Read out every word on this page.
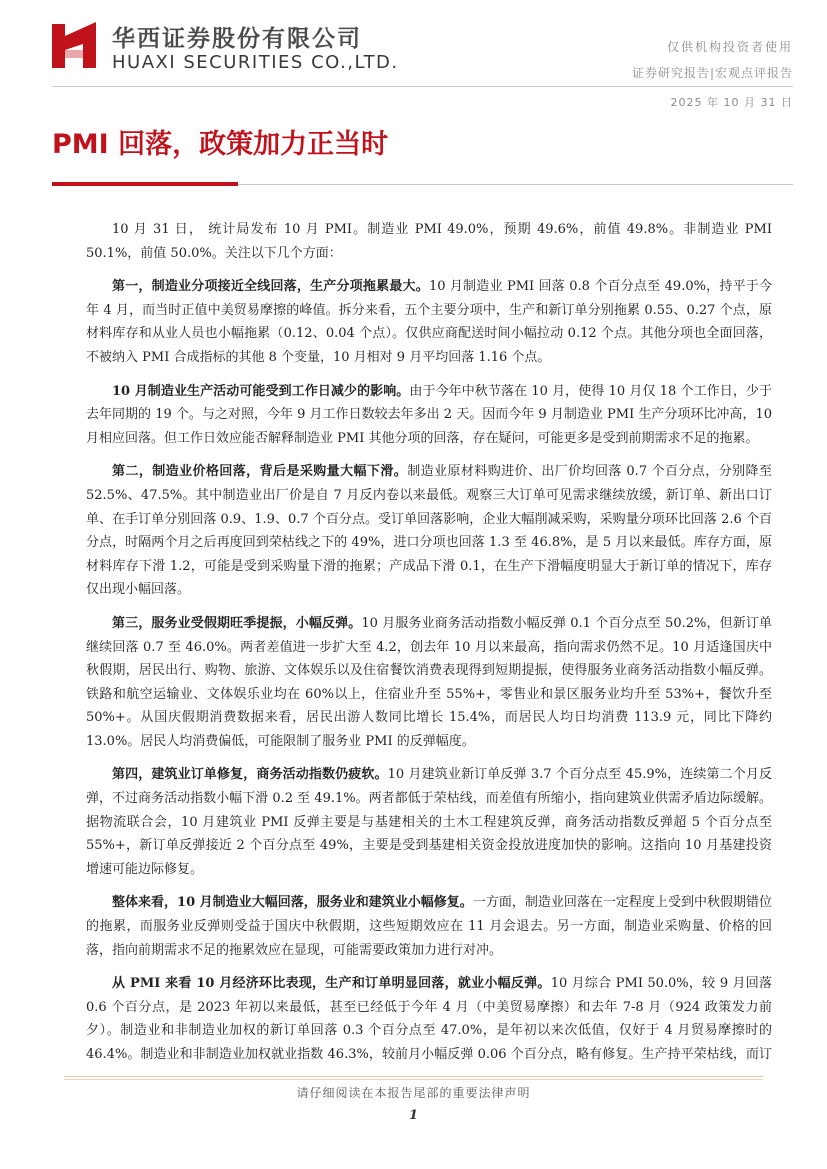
华西证券股份有限公司
HUAXI SECURITIES CO.,LTD.
仅供机构投资者使用
证券研究报告|宏观点评报告
2025 年 10 月 31 日
PMI 回落，政策加力正当时

10 月 31 日， 统计局发布 10 月 PMI。制造业 PMI 49.0%，预期 49.6%，前值 49.8%。非制造业 PMI 50.1%，前值 50.0%。关注以下几个方面：

第一，制造业分项接近全线回落，生产分项拖累最大。10 月制造业 PMI 回落 0.8 个百分点至 49.0%，持平于今年 4 月，而当时正值中美贸易摩擦的峰值。拆分来看，五个主要分项中，生产和新订单分别拖累 0.55、0.27 个点，原材料库存和从业人员也小幅拖累（0.12、0.04 个点）。仅供应商配送时间小幅拉动 0.12 个点。其他分项也全面回落，不被纳入 PMI 合成指标的其他 8 个变量，10 月相对 9 月平均回落 1.16 个点。

10 月制造业生产活动可能受到工作日减少的影响。由于今年中秋节落在 10 月，使得 10 月仅 18 个工作日，少于去年同期的 19 个。与之对照，今年 9 月工作日数较去年多出 2 天。因而今年 9 月制造业 PMI 生产分项环比冲高，10 月相应回落。但工作日效应能否解释制造业 PMI 其他分项的回落，存在疑问，可能更多是受到前期需求不足的拖累。

第二，制造业价格回落，背后是采购量大幅下滑。制造业原材料购进价、出厂价均回落 0.7 个百分点，分别降至 52.5%、47.5%。其中制造业出厂价是自 7 月反内卷以来最低。观察三大订单可见需求继续放缓，新订单、新出口订单、在手订单分别回落 0.9、1.9、0.7 个百分点。受订单回落影响，企业大幅削减采购，采购量分项环比回落 2.6 个百分点，时隔两个月之后再度回到荣枯线之下的 49%，进口分项也回落 1.3 至 46.8%，是 5 月以来最低。库存方面，原材料库存下滑 1.2，可能是受到采购量下滑的拖累；产成品下滑 0.1，在生产下滑幅度明显大于新订单的情况下，库存仅出现小幅回落。

第三，服务业受假期旺季提振，小幅反弹。10 月服务业商务活动指数小幅反弹 0.1 个百分点至 50.2%，但新订单继续回落 0.7 至 46.0%。两者差值进一步扩大至 4.2，创去年 10 月以来最高，指向需求仍然不足。10 月适逢国庆中秋假期，居民出行、购物、旅游、文体娱乐以及住宿餐饮消费表现得到短期提振，使得服务业商务活动指数小幅反弹。铁路和航空运输业、文体娱乐业均在 60%以上，住宿业升至 55%+，零售业和景区服务业均升至 53%+，餐饮升至 50%+。从国庆假期消费数据来看，居民出游人数同比增长 15.4%，而居民人均日均消费 113.9 元，同比下降约 13.0%。居民人均消费偏低，可能限制了服务业 PMI 的反弹幅度。

第四，建筑业订单修复，商务活动指数仍疲软。10 月建筑业新订单反弹 3.7 个百分点至 45.9%，连续第二个月反弹，不过商务活动指数小幅下滑 0.2 至 49.1%。两者都低于荣枯线，而差值有所缩小，指向建筑业供需矛盾边际缓解。据物流联合会，10 月建筑业 PMI 反弹主要是与基建相关的土木工程建筑反弹，商务活动指数反弹超 5 个百分点至 55%+，新订单反弹接近 2 个百分点至 49%，主要是受到基建相关资金投放进度加快的影响。这指向 10 月基建投资增速可能边际修复。

整体来看，10 月制造业大幅回落，服务业和建筑业小幅修复。一方面，制造业回落在一定程度上受到中秋假期错位的拖累，而服务业反弹则受益于国庆中秋假期，这些短期效应在 11 月会退去。另一方面，制造业采购量、价格的回落，指向前期需求不足的拖累效应在显现，可能需要政策加力进行对冲。

从 PMI 来看 10 月经济环比表现，生产和订单明显回落，就业小幅反弹。10 月综合 PMI 50.0%，较 9 月回落 0.6 个百分点，是 2023 年初以来最低，甚至已经低于今年 4 月（中美贸易摩擦）和去年 7-8 月（924 政策发力前夕）。制造业和非制造业加权的新订单回落 0.3 个百分点至 47.0%，是年初以来次低值，仅好于 4 月贸易摩擦时的 46.4%。制造业和非制造业加权就业指数 46.3%，较前月小幅反弹 0.06 个百分点，略有修复。生产持平荣枯线，而订

请仔细阅读在本报告尾部的重要法律声明
1
